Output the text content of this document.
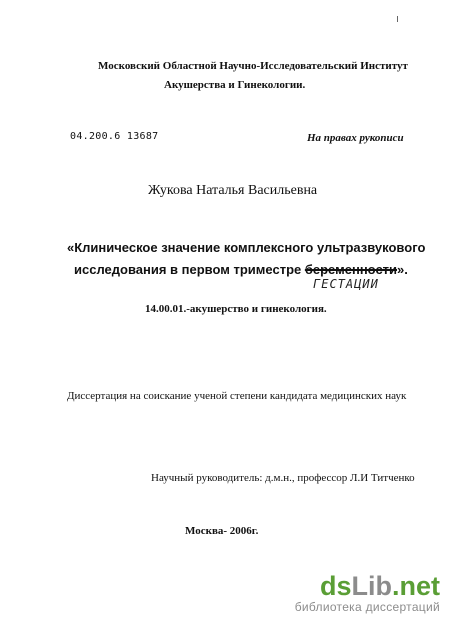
Московский Областной Научно-Исследовательский Институт
Акушерства и Гинекологии.
04.200.6 13687	На правах рукописи
Жукова Наталья Васильевна
«Клиническое значение комплексного ультразвукового
исследования в первом триместре беременности».
ГЕСТАЦИИ
14.00.01.-акушерство и гинекология.
Диссертация на соискание ученой степени кандидата медицинских наук
Научный руководитель: д.м.н., профессор Л.И Титченко
Москва- 2006г.
dsLib.net
библиотека диссертаций
